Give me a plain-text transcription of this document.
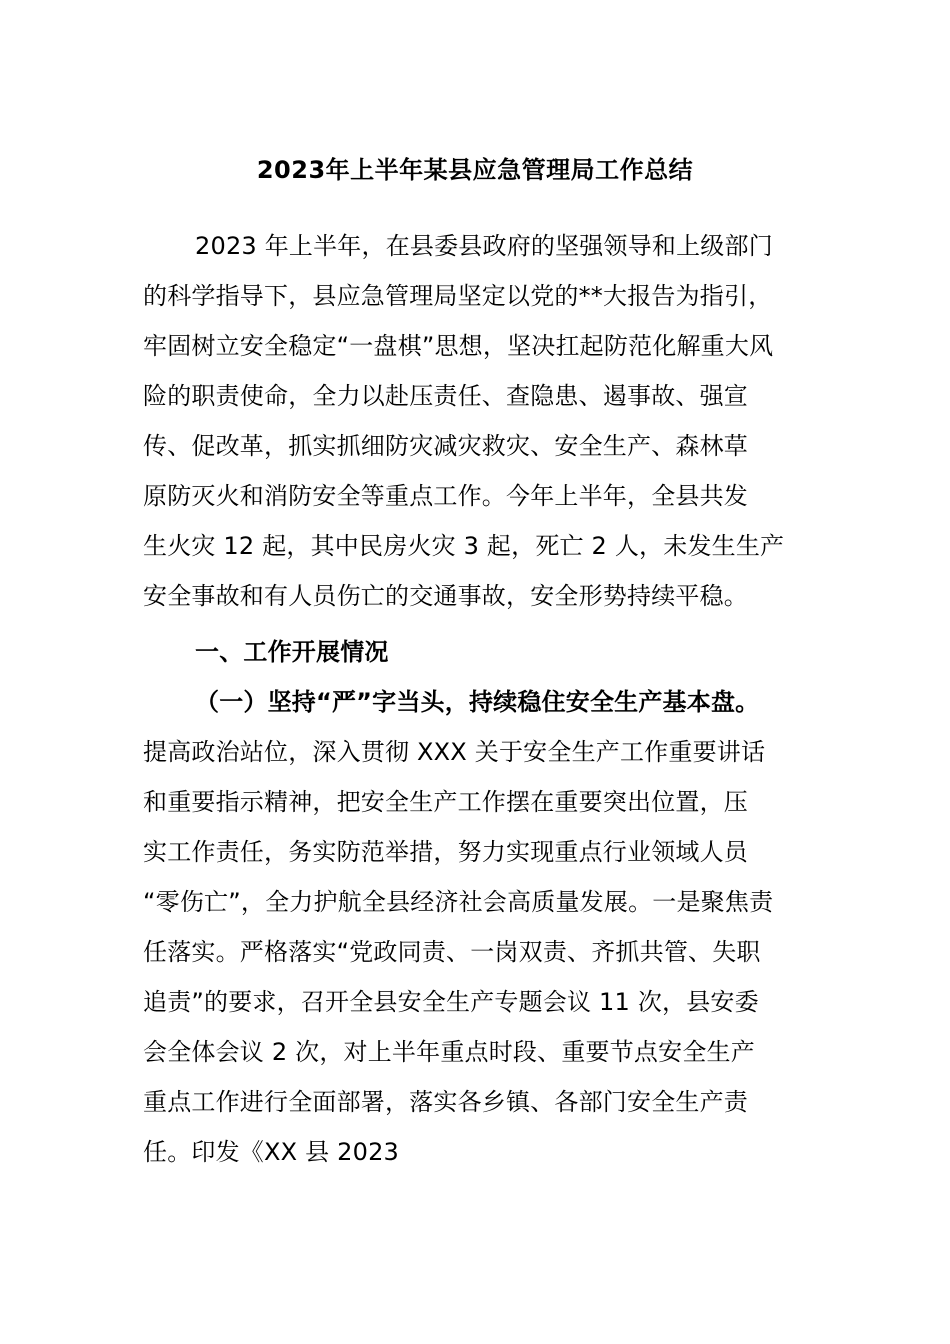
2023年上半年某县应急管理局工作总结
2023 年上半年，在县委县政府的坚强领导和上级部门
的科学指导下，县应急管理局坚定以党的**大报告为指引，
牢固树立安全稳定“一盘棋”思想，坚决扛起防范化解重大风
险的职责使命，全力以赴压责任、查隐患、遏事故、强宣
传、促改革，抓实抓细防灾减灾救灾、安全生产、森林草
原防灭火和消防安全等重点工作。今年上半年，全县共发
生火灾 12 起，其中民房火灾 3 起，死亡 2 人，未发生生产
安全事故和有人员伤亡的交通事故，安全形势持续平稳。
一、工作开展情况
（一）坚持“严”字当头，持续稳住安全生产基本盘。
提高政治站位，深入贯彻 XXX 关于安全生产工作重要讲话
和重要指示精神，把安全生产工作摆在重要突出位置，压
实工作责任，务实防范举措，努力实现重点行业领域人员
“零伤亡”，全力护航全县经济社会高质量发展。一是聚焦责
任落实。严格落实“党政同责、一岗双责、齐抓共管、失职
追责”的要求，召开全县安全生产专题会议 11 次，县安委
会全体会议 2 次，对上半年重点时段、重要节点安全生产
重点工作进行全面部署，落实各乡镇、各部门安全生产责
任。印发《XX 县 2023
